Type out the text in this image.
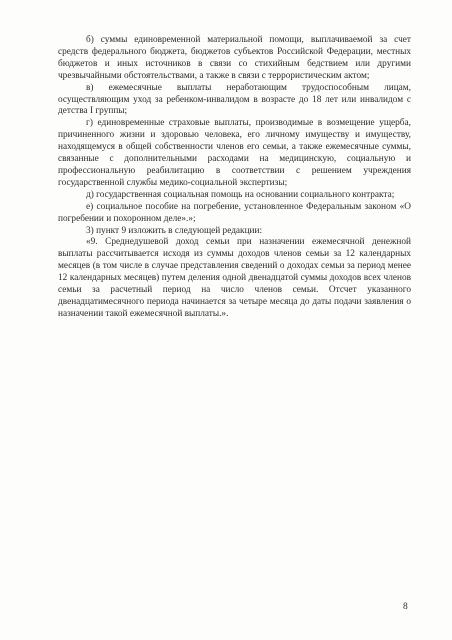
б) суммы единовременной материальной помощи, выплачиваемой за счет средств федерального бюджета, бюджетов субъектов Российской Федерации, местных бюджетов и иных источников в связи со стихийным бедствием или другими чрезвычайными обстоятельствами, а также в связи с террористическим актом;

в) ежемесячные выплаты неработающим трудоспособным лицам, осуществляющим уход за ребенком-инвалидом в возрасте до 18 лет или инвалидом с детства I группы;

г) единовременные страховые выплаты, производимые в возмещение ущерба, причиненного жизни и здоровью человека, его личному имуществу и имуществу, находящемуся в общей собственности членов его семьи, а также ежемесячные суммы, связанные с дополнительными расходами на медицинскую, социальную и профессиональную реабилитацию в соответствии с решением учреждения государственной службы медико-социальной экспертизы;

д) государственная социальная помощь на основании социального контракта;

е) социальное пособие на погребение, установленное Федеральным законом «О погребении и похоронном деле».»;

3) пункт 9 изложить в следующей редакции:

«9. Среднедушевой доход семьи при назначении ежемесячной денежной выплаты рассчитывается исходя из суммы доходов членов семьи за 12 календарных месяцев (в том числе в случае представления сведений о доходах семьи за период менее 12 календарных месяцев) путем деления одной двенадцатой суммы доходов всех членов семьи за расчетный период на число членов семьи. Отсчет указанного двенадцатимесячного периода начинается за четыре месяца до даты подачи заявления о назначении такой ежемесячной выплаты.».

8
